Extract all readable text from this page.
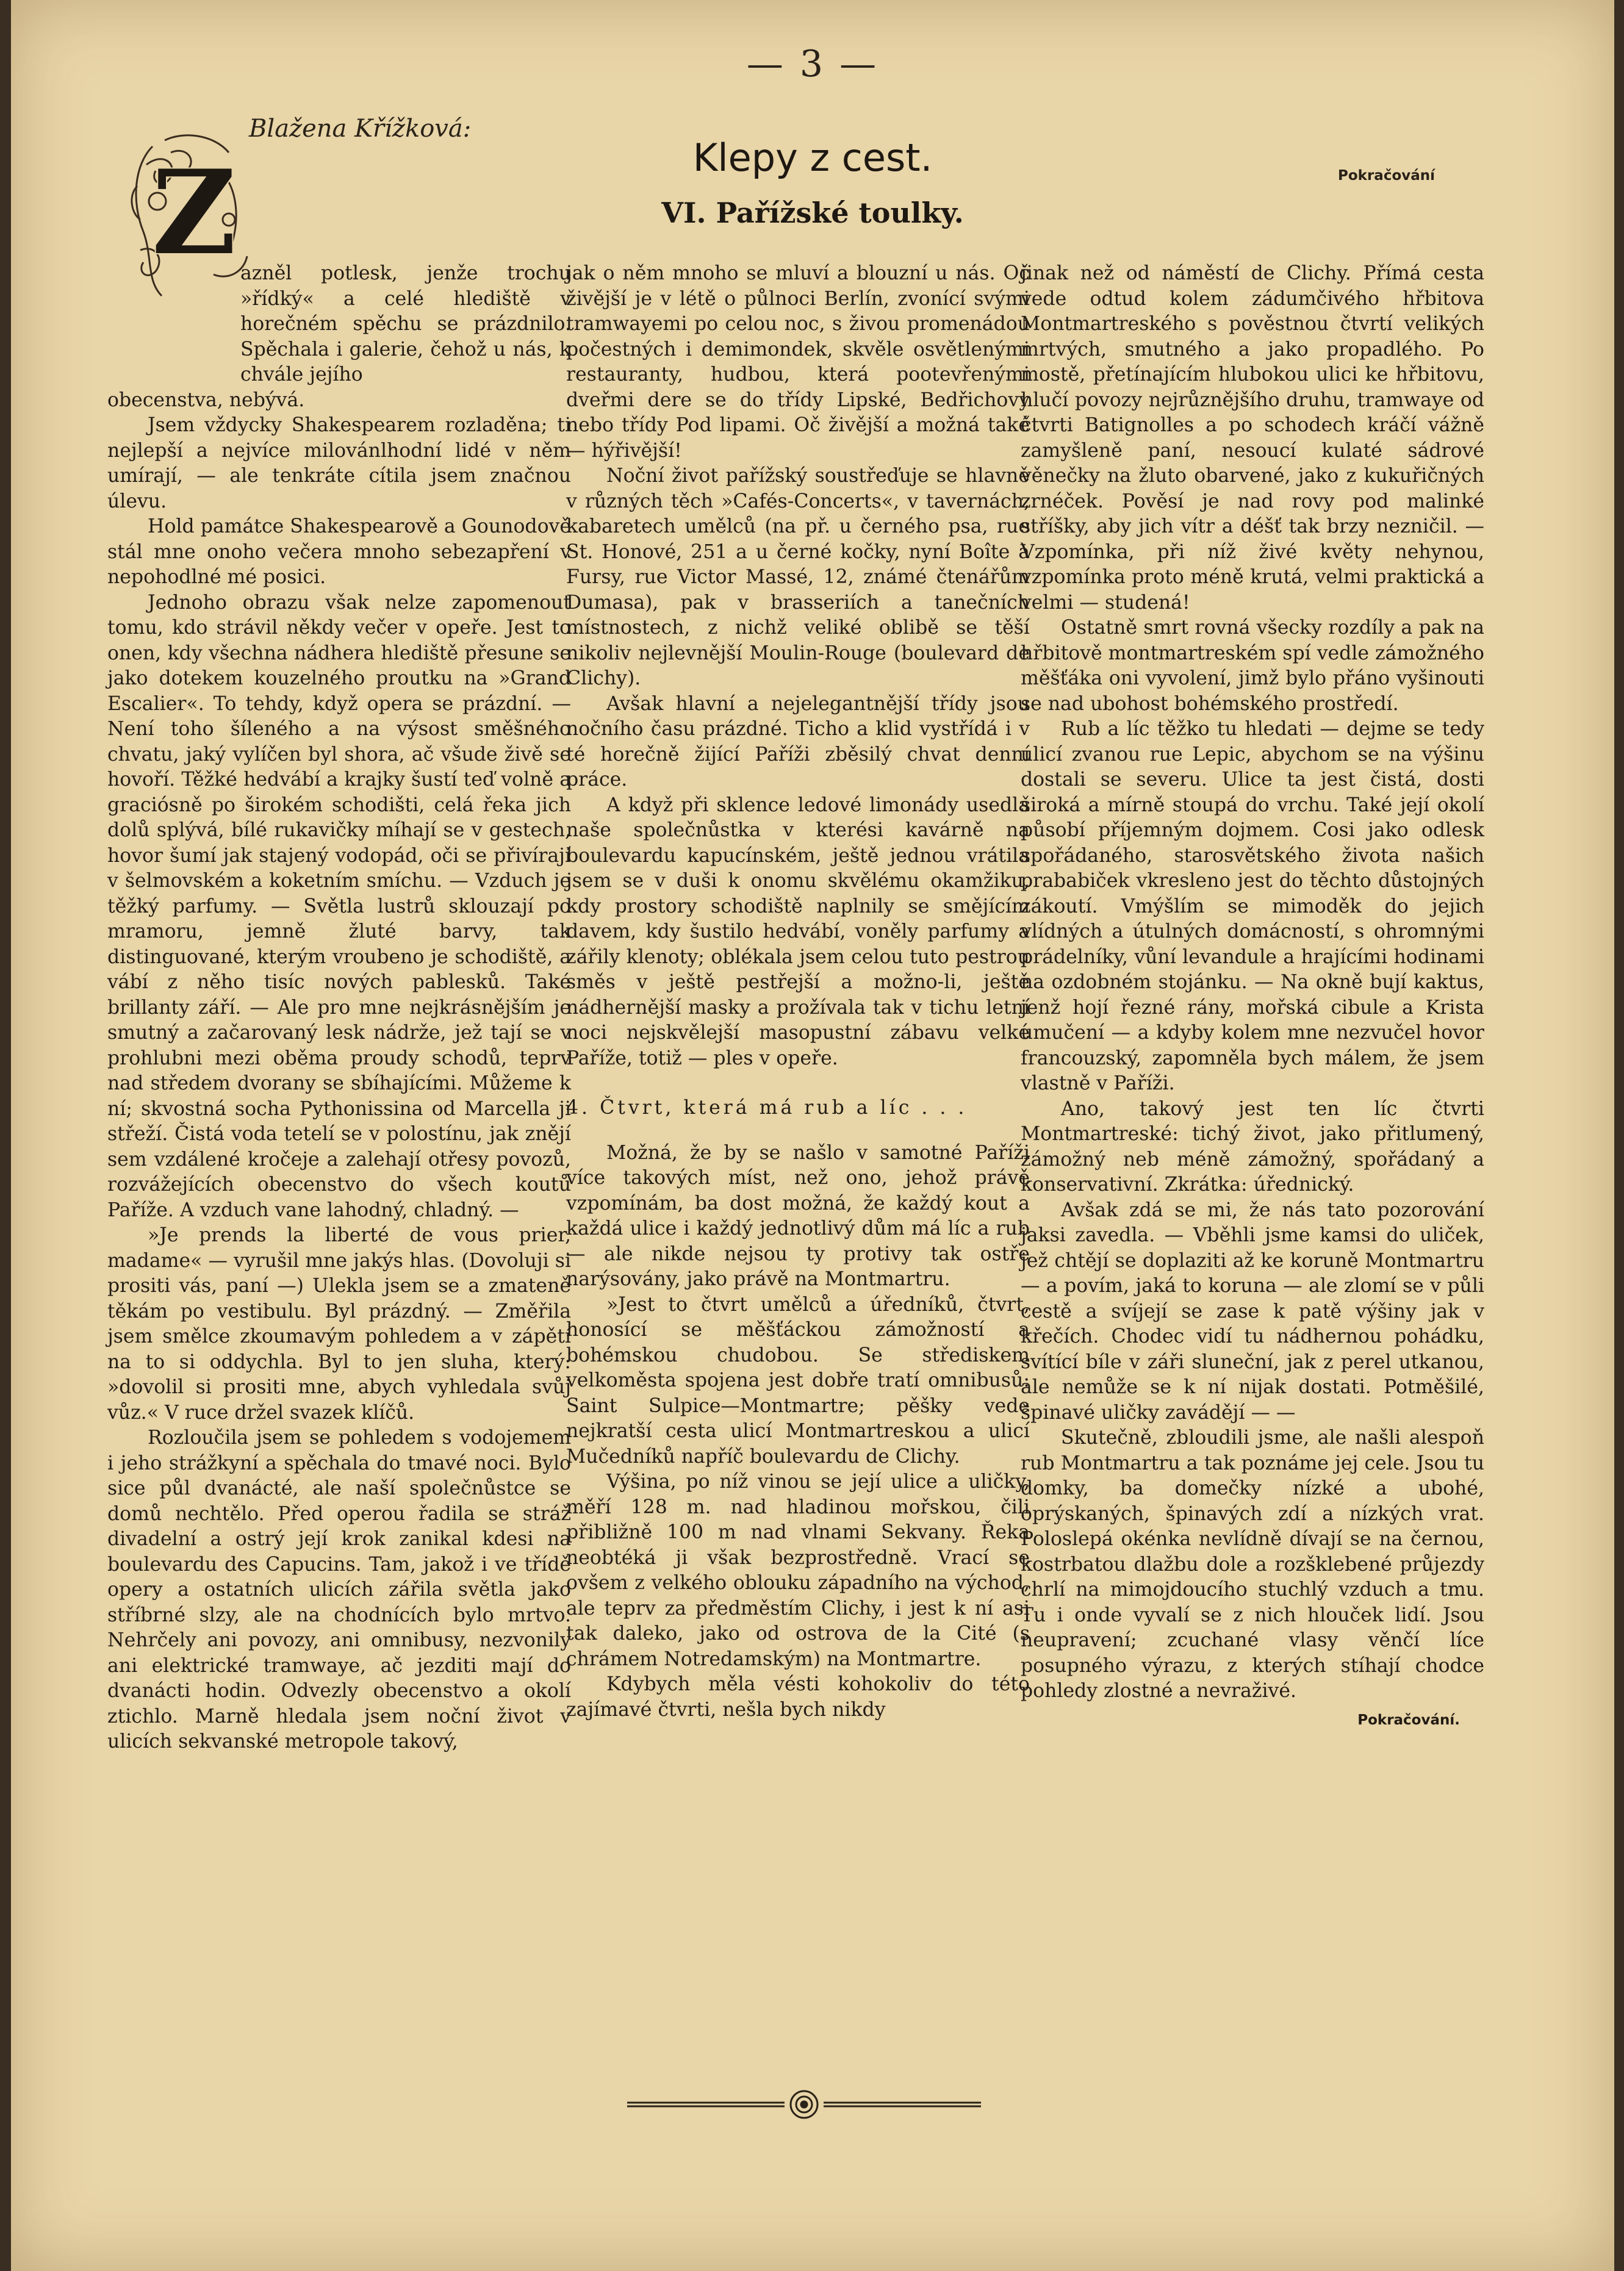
— 3 —
Blažena Křížková:
Klepy z cest.
VI. Pařížské toulky.
Pokračování
Z azněl potlesk, jenže trochu »řídký« a celé hlediště v horečném spěchu se prázdnilo. Spěchala i galerie, čehož u nás, k chvále jejího

obecenstva, nebývá.

Jsem vždycky Shakespearem rozladěna; ti nejlepší a nejvíce milovánlhodní lidé v něm umírají, — ale tenkráte cítila jsem značnou úlevu.

Hold památce Shakespearově a Gounodově stál mne onoho večera mnoho sebezapření v nepohodlné mé posici.

Jednoho obrazu však nelze zapomenout tomu, kdo strávil někdy večer v opeře. Jest to onen, kdy všechna nádhera hlediště přesune se jako dotekem kouzelného proutku na »Grand Escalier«. To tehdy, když opera se prázdní. — Není toho šíleného a na výsost směšného chvatu, jaký vylíčen byl shora, ač všude živě se hovoří. Těžké hedvábí a krajky šustí teď volně a graciósně po širokém schodišti, celá řeka jich dolů splývá, bílé rukavičky míhají se v gestech, hovor šumí jak stajený vodopád, oči se přivírají v šelmovském a koketním smíchu. — Vzduch je těžký parfumy. — Světla lustrů sklouzají po mramoru, jemně žluté barvy, tak distinguované, kterým vroubeno je schodiště, a vábí z něho tisíc nových pablesků. Také brillanty září. — Ale pro mne nejkrásnějším je smutný a začarovaný lesk nádrže, jež tají se v prohlubni mezi oběma proudy schodů, teprv nad středem dvorany se sbíhajícími. Můžeme k ní; skvostná socha Pythonissina od Marcella ji střeží. Čistá voda tetelí se v polostínu, jak znějí sem vzdálené kročeje a zalehají otřesy povozů, rozvážejících obecenstvo do všech koutů Paříže. A vzduch vane lahodný, chladný. —

»Je prends la liberté de vous prier, madame« — vyrušil mne jakýs hlas. (Dovoluji si prositi vás, paní —) Ulekla jsem se a zmateně těkám po vestibulu. Byl prázdný. — Změřila jsem smělce zkoumavým pohledem a v zápětí na to si oddychla. Byl to jen sluha, který: »dovolil si prositi mne, abych vyhledala svůj vůz.« V ruce držel svazek klíčů.

Rozloučila jsem se pohledem s vodojemem i jeho strážkyní a spěchala do tmavé noci. Bylo sice půl dvanácté, ale naší společnůstce se domů nechtělo. Před operou řadila se stráž divadelní a ostrý její krok zanikal kdesi na boulevardu des Capucins. Tam, jakož i ve třídě opery a ostatních ulicích zářila světla jako stříbrné slzy, ale na chodnících bylo mrtvo. Nehrčely ani povozy, ani omnibusy, nezvonily ani elektrické tramwaye, ač jezditi mají do dvanácti hodin. Odvezly obecenstvo a okolí ztichlo. Marně hledala jsem noční život v ulicích sekvanské metropole takový,

jak o něm mnoho se mluví a blouzní u nás. Oč živější je v létě o půlnoci Berlín, zvonící svými tramwayemi po celou noc, s živou promenádou počestných i demimondek, skvěle osvětlenými restauranty, hudbou, která pootevřenými dveřmi dere se do třídy Lipské, Bedřichovy nebo třídy Pod lipami. Oč živější a možná také — hýřivější!

Noční život pařížský soustřeďuje se hlavně v různých těch »Cafés-Concerts«, v tavernách, kabaretech umělců (na př. u černého psa, rue St. Honové, 251 a u černé kočky, nyní Boîte à Fursy, rue Victor Massé, 12, známé čtenářům Dumasa), pak v brasseriích a tanečních místnostech, z nichž veliké oblibě se těší nikoliv nejlevnější Moulin-Rouge (boulevard de Clichy).

Avšak hlavní a nejelegantnější třídy jsou nočního času prázdné. Ticho a klid vystřídá i v té horečně žijící Paříži zběsilý chvat denní práce.

A když při sklence ledové limonády usedla naše společnůstka v kterési kavárně na boulevardu kapucínském, ještě jednou vrátila jsem se v duši k onomu skvělému okamžiku, kdy prostory schodiště naplnily se smějícím davem, kdy šustilo hedvábí, voněly parfumy a zářily klenoty; oblékala jsem celou tuto pestrou směs v ještě pestřejší a možno-li, ještě nádhernější masky a prožívala tak v tichu letní noci nejskvělejší masopustní zábavu velké Paříže, totiž — ples v opeře.

4. Čtvrt, která má rub a líc . . .

Možná, že by se našlo v samotné Paříži více takových míst, než ono, jehož právě vzpomínám, ba dost možná, že každý kout a každá ulice i každý jednotlivý dům má líc a rub — ale nikde nejsou ty protivy tak ostře narýsovány, jako právě na Montmartru.

»Jest to čtvrt umělců a úředníků, čtvrt, honosící se měšťáckou zámožností a bohémskou chudobou. Se střediskem velkoměsta spojena jest dobře tratí omnibusů: Saint Sulpice—Montmartre; pěšky vede nejkratší cesta ulicí Montmartreskou a ulicí Mučedníků napříč boulevardu de Clichy.

Výšina, po níž vinou se její ulice a uličky, měří 128 m. nad hladinou mořskou, čili přibližně 100 m nad vlnami Sekvany. Řeka neobtéká ji však bezprostředně. Vrací se ovšem z velkého oblouku západního na východ, ale teprv za předměstím Clichy, i jest k ní asi tak daleko, jako od ostrova de la Cité (s chrámem Notredamským) na Montmartre.

Kdybych měla vésti kohokoliv do této zajímavé čtvrti, nešla bych nikdy

jinak než od náměstí de Clichy. Přímá cesta vede odtud kolem zádumčivého hřbitova Montmartreského s pověstnou čtvrtí velikých mrtvých, smutného a jako propadlého. Po mostě, přetínajícím hlubokou ulici ke hřbitovu, hlučí povozy nejrůznějšího druhu, tramwaye od čtvrti Batignolles a po schodech kráčí vážně zamyšleně paní, nesoucí kulaté sádrové věnečky na žluto obarvené, jako z kukuřičných zrnéček. Pověsí je nad rovy pod malinké stříšky, aby jich vítr a déšť tak brzy nezničil. — Vzpomínka, při níž živé květy nehynou, vzpomínka proto méně krutá, velmi praktická a velmi — studená!

Ostatně smrt rovná všecky rozdíly a pak na hřbitově montmartreském spí vedle zámožného měšťáka oni vyvolení, jimž bylo přáno vyšinouti se nad ubohost bohémského prostředí.

Rub a líc těžko tu hledati — dejme se tedy ulicí zvanou rue Lepic, abychom se na výšinu dostali se severu. Ulice ta jest čistá, dosti široká a mírně stoupá do vrchu. Také její okolí působí příjemným dojmem. Cosi jako odlesk spořádaného, starosvětského života našich prababiček vkresleno jest do těchto důstojných zákoutí. Vmýšlím se mimoděk do jejich vlídných a útulných domácností, s ohromnými prádelníky, vůní levandule a hrajícími hodinami na ozdobném stojánku. — Na okně bují kaktus, jenž hojí řezné rány, mořská cibule a Krista umučení — a kdyby kolem mne nezvučel hovor francouzský, zapomněla bych málem, že jsem vlastně v Paříži.

Ano, takový jest ten líc čtvrti Montmartreské: tichý život, jako přitlumený, zámožný neb méně zámožný, spořádaný a konservativní. Zkrátka: úřednický.

Avšak zdá se mi, že nás tato pozorování jaksi zavedla. — Vběhli jsme kamsi do uliček, jež chtějí se doplaziti až ke koruně Montmartru — a povím, jaká to koruna — ale zlomí se v půli cestě a svíjejí se zase k patě výšiny jak v křečích. Chodec vidí tu nádhernou pohádku, svítící bíle v záři sluneční, jak z perel utkanou, ale nemůže se k ní nijak dostati. Potměšilé, špinavé uličky zavádějí — —

Skutečně, zbloudili jsme, ale našli alespoň rub Montmartru a tak poznáme jej cele. Jsou tu domky, ba domečky nízké a ubohé, oprýskaných, špinavých zdí a nízkých vrat. Poloslepá okénka nevlídně dívají se na černou, kostrbatou dlažbu dole a rozšklebené průjezdy chrlí na mimojdoucího stuchlý vzduch a tmu. Tu i onde vyvalí se z nich hlouček lidí. Jsou neupravení; zcuchané vlasy věnčí líce posupného výrazu, z kterých stíhají chodce pohledy zlostné a nevraživé.

Pokračování.
